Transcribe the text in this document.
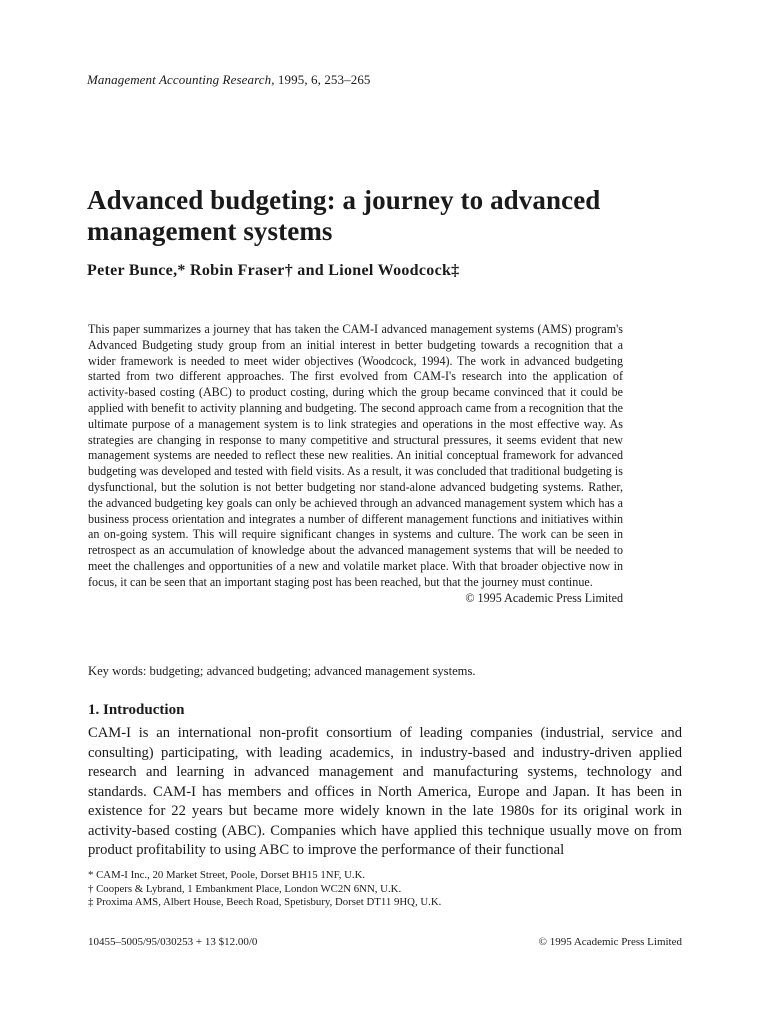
Management Accounting Research, 1995, 6, 253–265
Advanced budgeting: a journey to advanced management systems
Peter Bunce,* Robin Fraser† and Lionel Woodcock‡

This paper summarizes a journey that has taken the CAM-I advanced management systems (AMS) program's Advanced Budgeting study group from an initial interest in better budgeting towards a recognition that a wider framework is needed to meet wider objectives (Woodcock, 1994). The work in advanced budgeting started from two different approaches. The first evolved from CAM-I's research into the application of activity-based costing (ABC) to product costing, during which the group became convinced that it could be applied with benefit to activity planning and budgeting. The second approach came from a recognition that the ultimate purpose of a management system is to link strategies and operations in the most effective way. As strategies are changing in response to many competitive and structural pressures, it seems evident that new management systems are needed to reflect these new realities. An initial conceptual framework for advanced budgeting was developed and tested with field visits. As a result, it was concluded that traditional budgeting is dysfunctional, but the solution is not better budgeting nor stand-alone advanced budgeting systems. Rather, the advanced budgeting key goals can only be achieved through an advanced management system which has a business process orientation and integrates a number of different management functions and initiatives within an on-going system. This will require significant changes in systems and culture. The work can be seen in retrospect as an accumulation of knowledge about the advanced management systems that will be needed to meet the challenges and opportunities of a new and volatile market place. With that broader objective now in focus, it can be seen that an important staging post has been reached, but that the journey must continue.
© 1995 Academic Press Limited

Key words: budgeting; advanced budgeting; advanced management systems.

1. Introduction

CAM-I is an international non-profit consortium of leading companies (industrial, service and consulting) participating, with leading academics, in industry-based and industry-driven applied research and learning in advanced management and manufacturing systems, technology and standards. CAM-I has members and offices in North America, Europe and Japan. It has been in existence for 22 years but became more widely known in the late 1980s for its original work in activity-based costing (ABC). Companies which have applied this technique usually move on from product profitability to using ABC to improve the performance of their functional

* CAM-I Inc., 20 Market Street, Poole, Dorset BH15 1NF, U.K.
† Coopers & Lybrand, 1 Embankment Place, London WC2N 6NN, U.K.
‡ Proxima AMS, Albert House, Beech Road, Spetisbury, Dorset DT11 9HQ, U.K.
10455–5005/95/030253 + 13 $12.00/0	© 1995 Academic Press Limited
